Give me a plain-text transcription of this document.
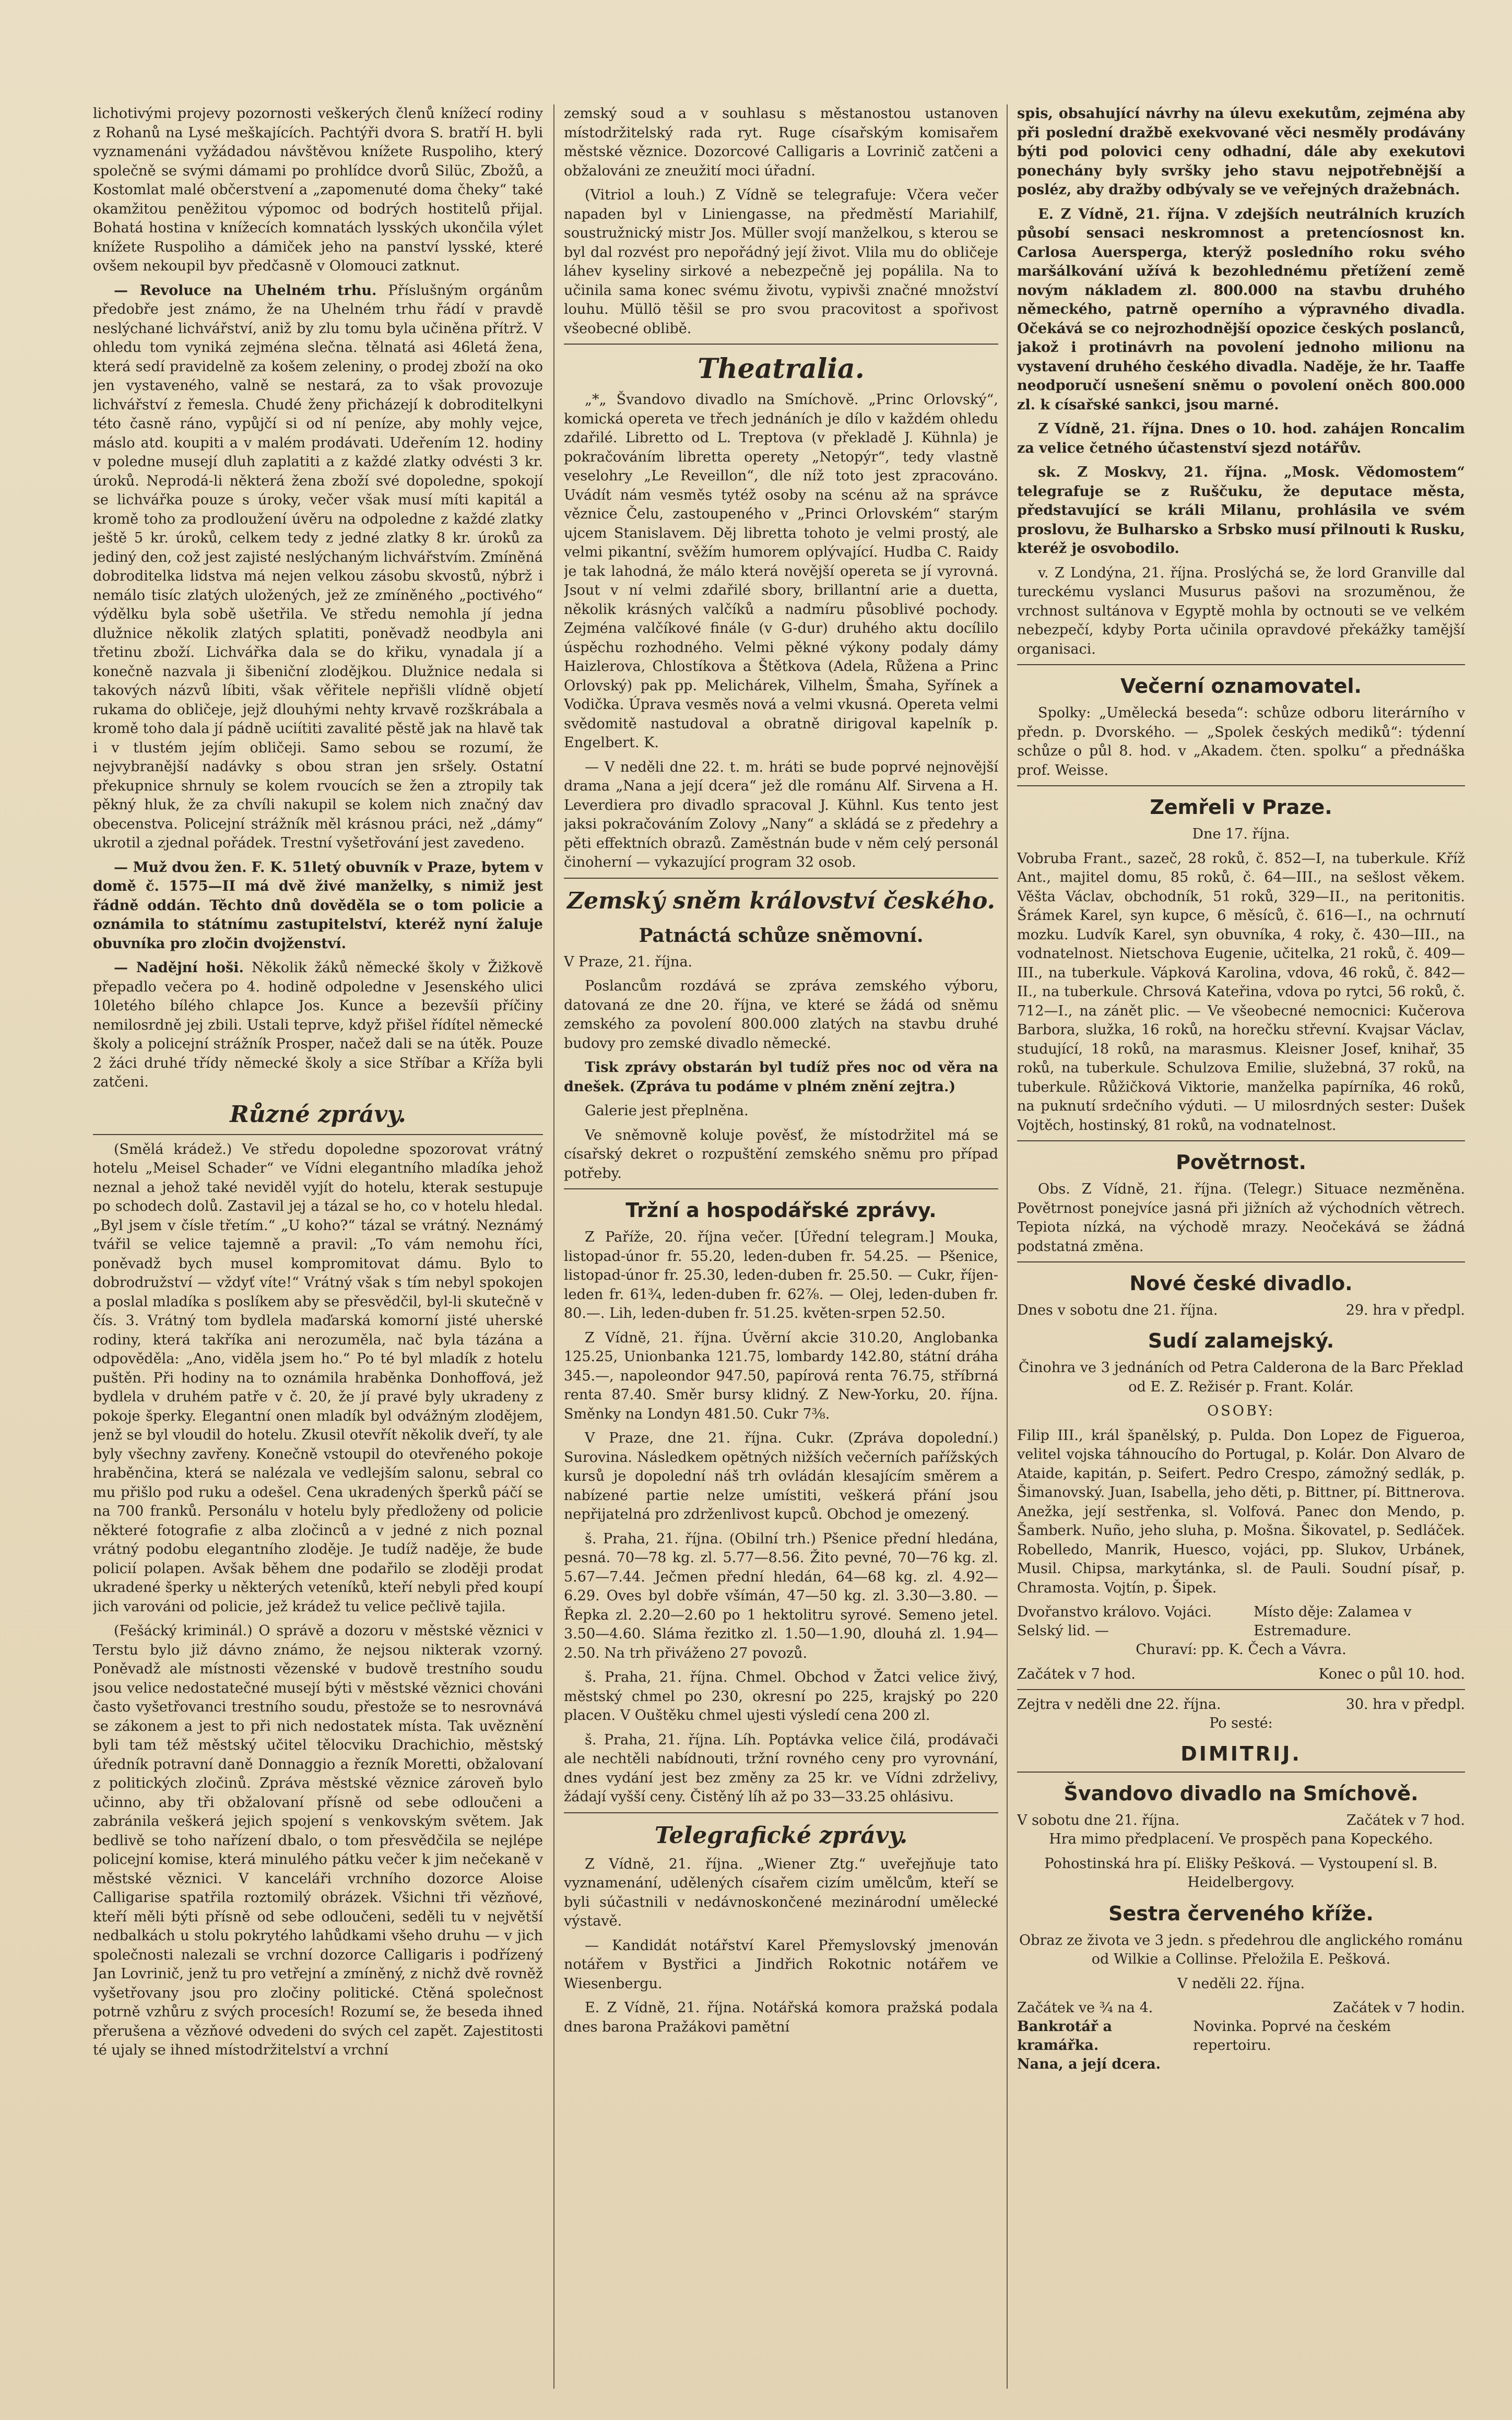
lichotivými projevy pozornosti veškerých členů knížecí rodiny z Rohanů na Lysé meškajících. Pachtýři dvora S. bratří H. byli vyznamenáni vyžádadou návštěvou knížete Ruspoliho, který společně se svými dámami po prohlídce dvorů Silüc, Zbožů, a Kostomlat malé občerstvení a „zapomenuté doma čheky“ také okamžitou peněžitou výpomoc od bodrých hostitelů přijal. Bohatá hostina v knížecích komnatách lysských ukončila výlet knížete Ruspoliho a dámiček jeho na panství lysské, které ovšem nekoupil byv předčasně v Olomouci zatknut.

— Revoluce na Uhelném trhu. Příslušným orgánům předobře jest známo, že na Uhelném trhu řádí v pravdě neslýchané lichvářství, aniž by zlu tomu byla učiněna přítrž. V ohledu tom vyniká zejména slečna. tělnatá asi 46letá žena, která sedí pravidelně za košem zeleniny, o prodej zboží na oko jen vystaveného, valně se nestará, za to však provozuje lichvářství z řemesla. Chudé ženy přicházejí k dobroditelkyni této časně ráno, vypůjčí si od ní peníze, aby mohly vejce, máslo atd. koupiti a v malém prodávati. Udeřením 12. hodiny v poledne musejí dluh zaplatiti a z každé zlatky odvésti 3 kr. úroků. Neprodá-li některá žena zboží své dopoledne, spokojí se lichvářka pouze s úroky, večer však musí míti kapitál a kromě toho za prodloužení úvěru na odpoledne z každé zlatky ještě 5 kr. úroků, celkem tedy z jedné zlatky 8 kr. úroků za jediný den, což jest zajisté neslýchaným lichvářstvím. Zmíněná dobroditelka lidstva má nejen velkou zásobu skvostů, nýbrž i nemálo tisíc zlatých uložených, jež ze zmíněného „poctivého“ výdělku byla sobě ušetřila. Ve středu nemohla jí jedna dlužnice několik zlatých splatiti, poněvadž neodbyla ani třetinu zboží. Lichvářka dala se do křiku, vynadala jí a konečně nazvala ji šibeniční zlodějkou. Dlužnice nedala si takových názvů líbiti, však věřitele nepřišli vlídně objetí rukama do obličeje, jejž dlouhými nehty krvavě rozškrábala a kromě toho dala jí pádně uciítiti zavalité pěstě jak na hlavě tak i v tlustém jejím obličeji. Samo sebou se rozumí, že nejvybranější nadávky s obou stran jen sršely. Ostatní překupnice shrnuly se kolem rvoucích se žen a ztropily tak pěkný hluk, že za chvíli nakupil se kolem nich značný dav obecenstva. Policejní strážník měl krásnou práci, než „dámy“ ukrotil a zjednal pořádek. Trestní vyšetřování jest zavedeno.

— Muž dvou žen. F. K. 51letý obuvník v Praze, bytem v domě č. 1575—II má dvě živé manželky, s nimiž jest řádně oddán. Těchto dnů dověděla se o tom policie a oznámila to státnímu zastupitelství, kteréž nyní žaluje obuvníka pro zločin dvojženství.

— Nadějní hoši. Několik žáků německé školy v Žižkově přepadlo večera po 4. hodině odpoledne v Jesenského ulici 10letého bílého chlapce Jos. Kunce a bezevšíi příčiny nemilosrdně jej zbili. Ustali teprve, když přišel řídítel německé školy a policejní strážník Prosper, načež dali se na útěk. Pouze 2 žáci druhé třídy německé školy a sice Stříbar a Kříža byli zatčeni.

Různé zprávy.

(Smělá krádež.) Ve středu dopoledne spozorovat vrátný hotelu „Meisel Schader“ ve Vídni elegantního mladíka jehož neznal a jehož také neviděl vyjít do hotelu, kterak sestupuje po schodech dolů. Zastavil jej a tázal se ho, co v hotelu hledal. „Byl jsem v čísle třetím.“ „U koho?“ tázal se vrátný. Neznámý tvářil se velice tajemně a pravil: „To vám nemohu říci, poněvadž bych musel kompromitovat dámu. Bylo to dobrodružství — vždyť víte!“ Vrátný však s tím nebyl spokojen a poslal mladíka s poslíkem aby se přesvědčil, byl-li skutečně v čís. 3. Vrátný tom bydlela maďarská komorní jisté uherské rodiny, která takříka ani nerozuměla, nač byla tázána a odpověděla: „Ano, viděla jsem ho.“ Po té byl mladík z hotelu puštěn. Při hodiny na to oznámila hraběnka Donhoffová, jež bydlela v druhém patře v č. 20, že jí pravé byly ukradeny z pokoje šperky. Elegantní onen mladík byl odvážným zlodějem, jenž se byl vloudil do hotelu. Zkusil otevřít několik dveří, ty ale byly všechny zavřeny. Konečně vstoupil do otevřeného pokoje hraběnčina, která se nalézala ve vedlejším salonu, sebral co mu přišlo pod ruku a odešel. Cena ukradených šperků páčí se na 700 franků. Personálu v hotelu byly předloženy od policie některé fotografie z alba zločinců a v jedné z nich poznal vrátný podobu elegantního zloděje. Je tudíž naděje, že bude policií polapen. Avšak během dne podařilo se zloději prodat ukradené šperky u některých veteníků, kteří nebyli před koupí jich varováni od policie, jež krádež tu velice pečlivě tajila.

(Fešácký kriminál.) O správě a dozoru v městské věznici v Terstu bylo již dávno známo, že nejsou nikterak vzorný. Poněvadž ale místnosti vězenské v budově trestního soudu jsou velice nedostatečné musejí býti v městské věznici chováni často vyšetřovanci trestního soudu, přestože se to nesrovnává se zákonem a jest to při nich nedostatek místa. Tak uvěznění byli tam též městský učitel tělocviku Drachichio, městský úředník potravní daně Donnaggio a řezník Moretti, obžalovaní z politických zločinů. Zpráva městské věznice zároveň bylo učinno, aby tři obžalovaní přísně od sebe odloučeni a zabránila veškerá jejich spojení s venkovským světem. Jak bedlivě se toho nařízení dbalo, o tom přesvědčila se nejlépe policejní komise, která minulého pátku večer k jim nečekaně v městské věznici. V kanceláři vrchního dozorce Aloise Calligarise spatřila roztomilý obrázek. Všichni tři vězňové, kteří měli býti přísně od sebe odloučeni, seděli tu v největší nedbalkách u stolu pokrytého lahůdkami všeho druhu — v jich společnosti nalezali se vrchní dozorce Calligaris i podřízený Jan Lovrinič, jenž tu pro vetřejní a zmíněný, z nichž dvě rovněž vyšetřovany jsou pro zločiny politické. Ctěná společnost potrně vzhůru z svých procesích! Rozumí se, že beseda ihned přerušena a vězňové odvedeni do svých cel zapět. Zajestitosti té ujaly se ihned místodržitelství a vrchní

zemský soud a v souhlasu s městanostou ustanoven místodržitelský rada ryt. Ruge císařským komisařem městské věznice. Dozorcové Calligaris a Lovrinič zatčeni a obžalováni ze zneužití moci úřadní.

(Vitriol a louh.) Z Vídně se telegrafuje: Včera večer napaden byl v Liniengasse, na předměstí Mariahilf, soustružnický mistr Jos. Müller svojí manželkou, s kterou se byl dal rozvést pro nepořádný její život. Vlila mu do obličeje láhev kyseliny sirkové a nebezpečně jej popálila. Na to učinila sama konec svému životu, vypivši značné množství louhu. Müllö těšil se pro svou pracovitost a spořivost všeobecné oblibě.

Theatralia.

„*„ Švandovo divadlo na Smíchově. „Princ Orlovský“, komická opereta ve třech jednáních je dílo v každém ohledu zdařilé. Libretto od L. Treptova (v překladě J. Kühnla) je pokračováním libretta operety „Netopýr“, tedy vlastně veselohry „Le Reveillon“, dle níž toto jest zpracováno. Uvádít nám vesměs tytéž osoby na scénu až na správce věznice Čelu, zastoupeného v „Princi Orlovském“ starým ujcem Stanislavem. Děj libretta tohoto je velmi prostý, ale velmi pikantní, svěžím humorem oplývající. Hudba C. Raidy je tak lahodná, že málo která novější opereta se jí vyrovná. Jsout v ní velmi zdařilé sbory, brillantní arie a duetta, několik krásných valčíků a nadmíru působlivé pochody. Zejména valčíkové finále (v G-dur) druhého aktu docílilo úspěchu rozhodného. Velmi pěkné výkony podaly dámy Haizlerova, Chlostíkova a Štětkova (Adela, Růžena a Princ Orlovský) pak pp. Melichárek, Vilhelm, Šmaha, Syřínek a Vodička. Úprava vesměs nová a velmi vkusná. Opereta velmi svědomitě nastudoval a obratně dirigoval kapelník p. Engelbert. K.

— V neděli dne 22. t. m. hráti se bude poprvé nejnovější drama „Nana a její dcera“ jež dle románu Alf. Sirvena a H. Leverdiera pro divadlo spracoval J. Kühnl. Kus tento jest jaksi pokračováním Zolovy „Nany“ a skládá se z předehry a pěti effektních obrazů. Zaměstnán bude v něm celý personál činoherní — vykazující program 32 osob.

Zemský sněm království českého.
Patnáctá schůze sněmovní.

V Praze, 21. října.

Poslancům rozdává se zpráva zemského výboru, datovaná ze dne 20. října, ve které se žádá od sněmu zemského za povolení 800.000 zlatých na stavbu druhé budovy pro zemské divadlo německé.

Tisk zprávy obstarán byl tudíž přes noc od věra na dnešek. (Zpráva tu podáme v plném znění zejtra.)

Galerie jest přeplněna.

Ve sněmovně koluje pověsť, že místodržitel má se císařský dekret o rozpuštění zemského sněmu pro případ potřeby.

Tržní a hospodářské zprávy.

Z Paříže, 20. října večer. [Úřední telegram.] Mouka, listopad-únor fr. 55.20, leden-duben fr. 54.25. — Pšenice, listopad-únor fr. 25.30, leden-duben fr. 25.50. — Cukr, říjen-leden fr. 61¾, leden-duben fr. 62⅞. — Olej, leden-duben fr. 80.—. Lih, leden-duben fr. 51.25. květen-srpen 52.50.

Z Vídně, 21. října. Úvěrní akcie 310.20, Anglobanka 125.25, Unionbanka 121.75, lombardy 142.80, státní dráha 345.—, napoleondor 947.50, papírová renta 76.75, stříbrná renta 87.40. Směr bursy klidný. Z New-Yorku, 20. října. Směnky na Londyn 481.50. Cukr 7⅜.

V Praze, dne 21. října. Cukr. (Zpráva dopolední.) Surovina. Následkem opětných nižších večerních pařížských kursů je dopolední náš trh ovládán klesajícím směrem a nabízené partie nelze umístiti, veškerá přání jsou nepřijatelná pro zdrženlivost kupců. Obchod je omezený.

š. Praha, 21. října. (Obilní trh.) Pšenice přední hledána, pesná. 70—78 kg. zl. 5.77—8.56. Žito pevné, 70—76 kg. zl. 5.67—7.44. Ječmen přední hledán, 64—68 kg. zl. 4.92—6.29. Oves byl dobře všímán, 47—50 kg. zl. 3.30—3.80. — Řepka zl. 2.20—2.60 po 1 hektolitru syrové. Semeno jetel. 3.50—4.60. Sláma řezitko zl. 1.50—1.90, dlouhá zl. 1.94—2.50. Na trh přiváženo 27 povozů.

š. Praha, 21. října. Chmel. Obchod v Žatci velice živý, městský chmel po 230, okresní po 225, krajský po 220 placen. V Ouštěku chmel ujesti výsledí cena 200 zl.

š. Praha, 21. října. Líh. Poptávka velice čilá, prodávači ale nechtěli nabídnouti, tržní rovného ceny pro vyrovnání, dnes vydání jest bez změny za 25 kr. ve Vídni zdrželivy, žádají vyšší ceny. Čistěný líh až po 33—33.25 ohlásivu.

Telegrafické zprávy.

Z Vídně, 21. října. „Wiener Ztg.“ uveřejňuje tato vyznamenání, udělených císařem cizím umělcům, kteří se byli súčastnili v nedávnoskončené mezinárodní umělecké výstavě.

— Kandidát notářství Karel Přemyslovský jmenován notářem v Bystřici a Jindřich Rokotnic notářem ve Wiesenbergu.

E. Z Vídně, 21. října. Notářská komora pražská podala dnes barona Pražákovi pamětní

spis, obsahující návrhy na úlevu exekutům, zejména aby při poslední dražbě exekvované věci nesměly prodávány býti pod polovici ceny odhadní, dále aby exekutovi ponechány byly svršky jeho stavu nejpotřebnější a posléz, aby dražby odbývaly se ve veřejných dražebnách.

E. Z Vídně, 21. října. V zdejších neutrálních kruzích působí sensaci neskromnost a pretencíosnost kn. Carlosa Auersperga, kterýž posledního roku svého maršálkování užívá k bezohlednému přetížení země novým nákladem zl. 800.000 na stavbu druhého německého, patrně operního a výpravného divadla. Očekává se co nejrozhodnější opozice českých poslanců, jakož i protinávrh na povolení jednoho milionu na vystavení druhého českého divadla. Naděje, že hr. Taaffe neodporučí usnešení sněmu o povolení oněch 800.000 zl. k císařské sankci, jsou marné.

Z Vídně, 21. října. Dnes o 10. hod. zahájen Roncalim za velice četného účastenství sjezd notářův.

sk. Z Moskvy, 21. října. „Mosk. Vědomostem“ telegrafuje se z Ruščuku, že deputace města, představující se králi Milanu, prohlásila ve svém proslovu, že Bulharsko a Srbsko musí přilnouti k Rusku, kteréž je osvobodilo.

v. Z Londýna, 21. října. Proslýchá se, že lord Granville dal tureckému vyslanci Musurus pašovi na srozuměnou, že vrchnost sultánova v Egyptě mohla by octnouti se ve velkém nebezpečí, kdyby Porta učinila opravdové překážky tamější organisaci.

Večerní oznamovatel.

Spolky: „Umělecká beseda“: schůze odboru literárního v předn. p. Dvorského. — „Spolek českých mediků“: týdenní schůze o půl 8. hod. v „Akadem. čten. spolku“ a přednáška prof. Weisse.

Zemřeli v Praze.

Dne 17. října.

Vobruba Frant., sazeč, 28 roků, č. 852—I, na tuberkule. Kříž Ant., majitel domu, 85 roků, č. 64—III., na sešlost věkem. Věšta Václav, obchodník, 51 roků, 329—II., na peritonitis. Šrámek Karel, syn kupce, 6 měsíců, č. 616—I., na ochrnutí mozku. Ludvík Karel, syn obuvníka, 4 roky, č. 430—III., na vodnatelnost. Nietschova Eugenie, učitelka, 21 roků, č. 409—III., na tuberkule. Vápková Karolina, vdova, 46 roků, č. 842—II., na tuberkule. Chrsová Kateřina, vdova po rytci, 56 roků, č. 712—I., na zánět plic. — Ve všeobecné nemocnici: Kučerova Barbora, služka, 16 roků, na horečku střevní. Kvajsar Václav, studující, 18 roků, na marasmus. Kleisner Josef, knihař, 35 roků, na tuberkule. Schulzova Emilie, služebná, 37 roků, na tuberkule. Růžičková Viktorie, manželka papírníka, 46 roků, na puknutí srdečního výduti. — U milosrdných sester: Dušek Vojtěch, hostinský, 81 roků, na vodnatelnost.

Povětrnost.

Obs. Z Vídně, 21. října. (Telegr.) Situace nezměněna. Povětrnost ponejvíce jasná při jižních až východních větrech. Tepiota nízká, na východě mrazy. Neočekává se žádná podstatná změna.

Nové české divadlo.
Dnes v sobotu dne 21. října.	29. hra v předpl.
Sudí zalamejský.

Činohra ve 3 jednáních od Petra Calderona de la Barc Překlad od E. Z. Režisér p. Frant. Kolár.

OSOBY:

Filip III., král španělský, p. Pulda. Don Lopez de Figueroa, velitel vojska táhnoucího do Portugal, p. Kolár. Don Alvaro de Ataide, kapitán, p. Seifert. Pedro Crespo, zámožný sedlák, p. Šimanovský. Juan, Isabella, jeho děti, p. Bittner, pí. Bittnerova. Anežka, její sestřenka, sl. Volfová. Panec don Mendo, p. Šamberk. Nuño, jeho sluha, p. Mošna. Šikovatel, p. Sedláček. Robelledo, Manrik, Huesco, vojáci, pp. Slukov, Urbánek, Musil. Chipsa, markytánka, sl. de Pauli. Soudní písař, p. Chramosta. Vojtín, p. Šipek.

Dvořanstvo královo. Vojáci. Selský lid. —
Místo děje: Zalamea v Estremadure.

Churaví: pp. K. Čech a Vávra.

Začátek v 7 hod.	Konec o půl 10. hod.
Zejtra v neděli dne 22. října.	30. hra v předpl.

Po sesté:

DIMITRIJ.
Švandovo divadlo na Smíchově.
V sobotu dne 21. října.	Začátek v 7 hod.

Hra mimo předplacení. Ve prospěch pana Kopeckého.

Pohostinská hra pí. Elišky Pešková. — Vystoupení sl. B. Heidelbergovy.

Sestra červeného kříže.

Obraz ze života ve 3 jedn. s předehrou dle anglického románu od Wilkie a Collinse. Přeložila E. Pešková.

V neděli 22. října.

Začátek ve ¾ na 4.	Začátek v 7 hodin.
Bankrotář a kramářka.
Novinka. Poprvé na českém repertoiru.

Nana, a její dcera.
